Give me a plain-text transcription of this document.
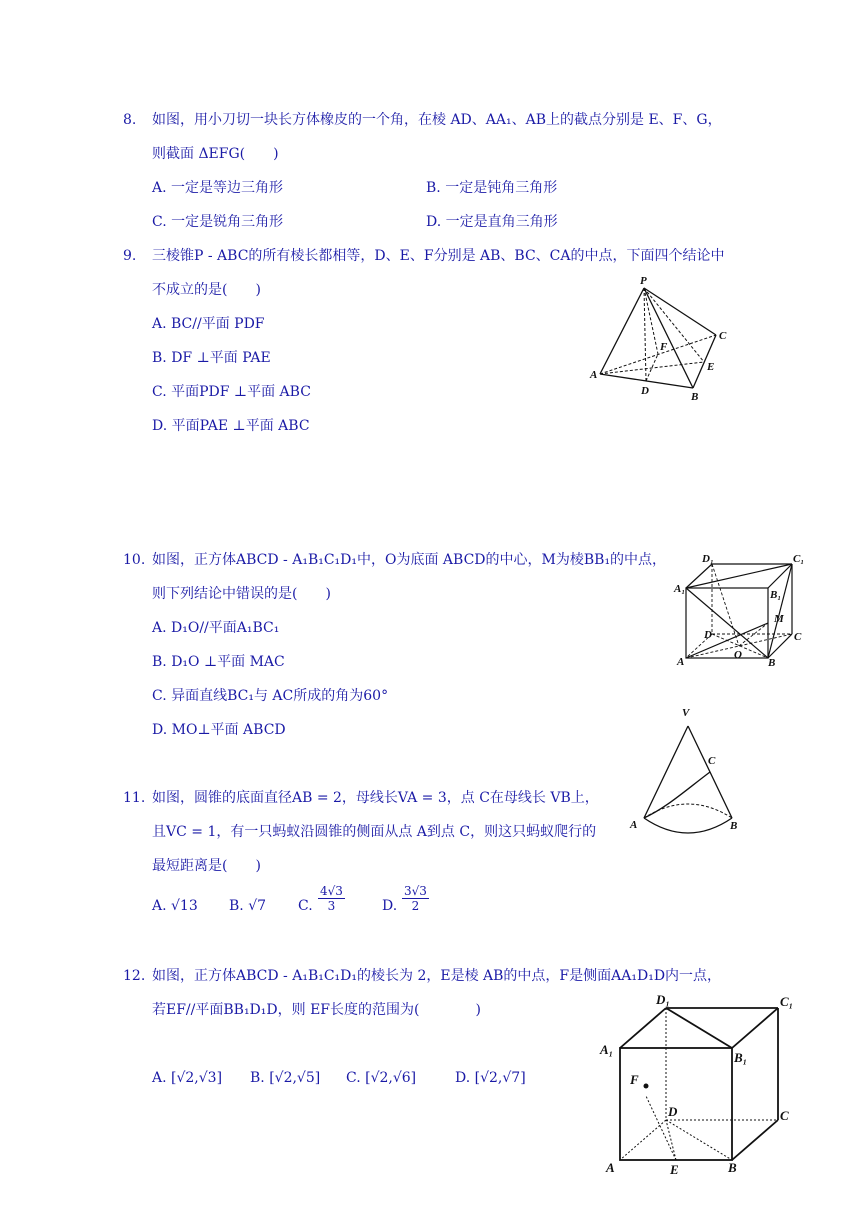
8. 如图，用小刀切一块长方体橡皮的一个角，在棱 AD、AA₁、AB上的截点分别是 E、F、G，
则截面 ΔEFG(　　)
A. 一定是等边三角形	B. 一定是钝角三角形
C. 一定是锐角三角形	D. 一定是直角三角形
9. 三棱锥P - ABC的所有棱长都相等，D、E、F分别是 AB、BC、CA的中点，下面四个结论中
不成立的是(　　)
A. BC//平面 PDF
B. DF ⊥平面 PAE
C. 平面PDF ⊥平面 ABC
D. 平面PAE ⊥平面 ABC
P
A
B
C
D
E
F
10. 如图，正方体ABCD - A₁B₁C₁D₁中，O为底面 ABCD的中心，M为棱BB₁的中点，
则下列结论中错误的是(　　)
A. D₁O//平面A₁BC₁
B. D₁O ⊥平面 MAC
C. 异面直线BC₁与 AC所成的角为60°
D. MO⊥平面 ABCD
D₁	C₁
A₁	B₁
D	C
A	B
M
O
11. 如图，圆锥的底面直径AB = 2，母线长VA = 3，点 C在母线长 VB上，
且VC = 1，有一只蚂蚁沿圆锥的侧面从点 A到点 C，则这只蚂蚁爬行的
最短距离是(　　)
A. √13 B. √7 C. $\frac{4√3}{3}$	D. $\frac{3√3}{2}$
V
C
A	B
12. 如图，正方体ABCD - A₁B₁C₁D₁的棱长为 2，E是棱 AB的中点，F是侧面AA₁D₁D内一点，
若EF//平面BB₁D₁D，则 EF长度的范围为(　　　　)
A. [√2,√3] B. [√2,√5] C. [√2,√6]	D. [√2,√7]
D₁	C₁
A₁
B₁
F
D	C
A	E	B
